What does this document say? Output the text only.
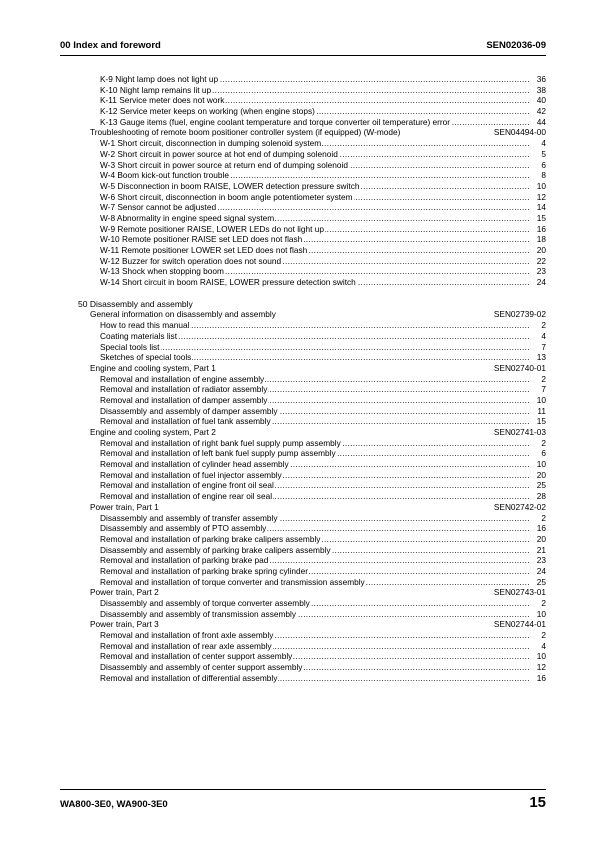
00 Index and foreword	SEN02036-09
.....
K-9 Night lamp does not light up	36
.....
K-10 Night lamp remains lit up	38
.....
K-11 Service meter does not work	40
.....
K-12 Service meter keeps on working (when engine stops)	42
.....
K-13 Gauge items (fuel, engine coolant temperature and torque converter oil temperature) error	44
Troubleshooting of remote boom positioner controller system (if equipped) (W-mode)	SEN04494-00
.....
W-1 Short circuit, disconnection in dumping solenoid system	4
.....
W-2 Short circuit in power source at hot end of dumping solenoid	5
.....
W-3 Short circuit in power source at return end of dumping solenoid	6
.....
W-4 Boom kick-out function trouble	8
.....
W-5 Disconnection in boom RAISE, LOWER detection pressure switch	10
.....
W-6 Short circuit, disconnection in boom angle potentiometer system	12
.....
W-7 Sensor cannot be adjusted	14
.....
W-8 Abnormality in engine speed signal system	15
.....
W-9 Remote positioner RAISE, LOWER LEDs do not light up	16
.....
W-10 Remote positioner RAISE set LED does not flash	18
.....
W-11 Remote positioner LOWER set LED does not flash	20
.....
W-12 Buzzer for switch operation does not sound	22
.....
W-13 Shock when stopping boom	23
.....
W-14 Short circuit in boom RAISE, LOWER pressure detection switch	24
50 Disassembly and assembly
General information on disassembly and assembly	SEN02739-02
.....
How to read this manual	2
.....
Coating materials list	4
.....
Special tools list	7
.....
Sketches of special tools	13
Engine and cooling system, Part 1	SEN02740-01
.....
Removal and installation of engine assembly	2
.....
Removal and installation of radiator assembly	7
.....
Removal and installation of damper assembly	10
.....
Disassembly and assembly of damper assembly	11
.....
Removal and installation of fuel tank assembly	15
Engine and cooling system, Part 2	SEN02741-03
.....
Removal and installation of right bank fuel supply pump assembly	2
.....
Removal and installation of left bank fuel supply pump assembly	6
.....
Removal and installation of cylinder head assembly	10
.....
Removal and installation of fuel injector assembly	20
.....
Removal and installation of engine front oil seal	25
.....
Removal and installation of engine rear oil seal	28
Power train, Part 1	SEN02742-02
.....
Disassembly and assembly of transfer assembly	2
.....
Disassembly and assembly of PTO assembly	16
.....
Removal and installation of parking brake calipers assembly	20
.....
Disassembly and assembly of parking brake calipers assembly	21
.....
Removal and installation of parking brake pad	23
.....
Removal and installation of parking brake spring cylinder	24
.....
Removal and installation of torque converter and transmission assembly	25
Power train, Part 2	SEN02743-01
.....
Disassembly and assembly of torque converter assembly	2
.....
Disassembly and assembly of transmission assembly	10
Power train, Part 3	SEN02744-01
.....
Removal and installation of front axle assembly	2
.....
Removal and installation of rear axle assembly	4
.....
Removal and installation of center support assembly	10
.....
Disassembly and assembly of center support assembly	12
.....
Removal and installation of differential assembly	16
WA800-3E0, WA900-3E0	15
